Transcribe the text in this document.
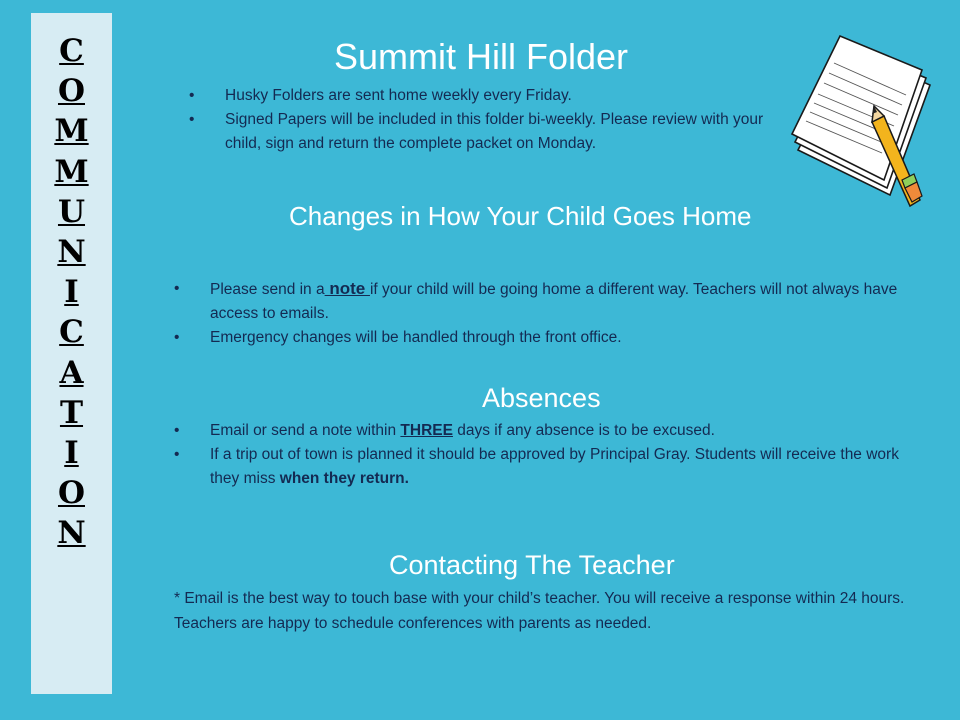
C
O
M
M
U
N
I
C
A
T
I
O
N
Summit Hill Folder
• Husky Folders are sent home weekly every Friday.
• Signed Papers will be included in this folder bi-weekly. Please review with your child, sign and return the complete packet on Monday.
Changes in How Your Child Goes Home
• Please send in a note if your child will be going home a different way. Teachers will not always have access to emails.
• Emergency changes will be handled through the front office.
Absences
• Email or send a note within THREE days if any absence is to be excused.
• If a trip out of town is planned it should be approved by Principal Gray. Students will receive the work they miss when they return.
Contacting The Teacher

* Email is the best way to touch base with your child’s teacher. You will receive a response within 24 hours. Teachers are happy to schedule conferences with parents as needed.
